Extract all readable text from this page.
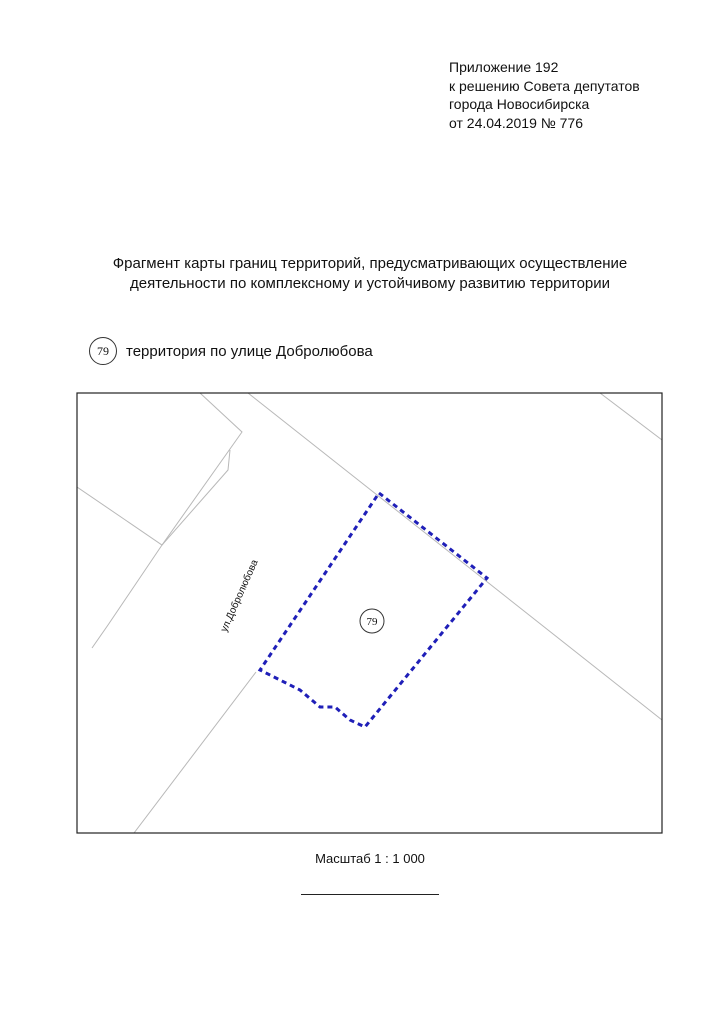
Приложение 192
к решению Совета депутатов
города Новосибирска
от 24.04.2019 № 776
Фрагмент карты границ территорий, предусматривающих осуществление
деятельности по комплексному и устойчивому развитию территории
79	территория по улице Добролюбова
79
ул.Добролюбова
Масштаб 1 : 1 000
